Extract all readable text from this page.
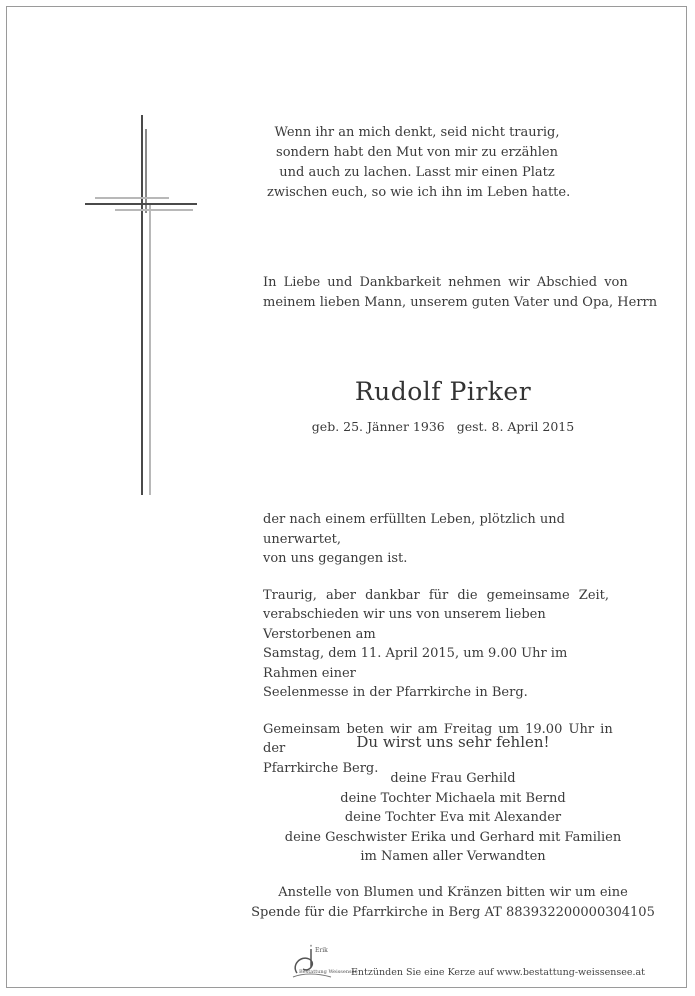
Wenn ihr an mich denkt, seid nicht traurig,
sondern habt den Mut von mir zu erzählen
und auch zu lachen. Lasst mir einen Platz
zwischen euch, so wie ich ihn im Leben hatte.
In Liebe und Dankbarkeit nehmen wir Abschied von
meinem lieben Mann, unserem guten Vater und Opa, Herrn
Rudolf Pirker
geb. 25. Jänner 1936 gest. 8. April 2015

der nach einem erfüllten Leben, plötzlich und unerwartet,
von uns gegangen ist.

Traurig, aber dankbar für die gemeinsame Zeit,
verabschieden wir uns von unserem lieben Verstorbenen am
Samstag, dem 11. April 2015, um 9.00 Uhr im Rahmen einer
Seelenmesse in der Pfarrkirche in Berg.

Gemeinsam beten wir am Freitag um 19.00 Uhr in der
Pfarrkirche Berg.

Du wirst uns sehr fehlen!
deine Frau Gerhild
deine Tochter Michaela mit Bernd
deine Tochter Eva mit Alexander
deine Geschwister Erika und Gerhard mit Familien
im Namen aller Verwandten
Anstelle von Blumen und Kränzen bitten wir um eine
Spende für die Pfarrkirche in Berg AT 883932200000304105
Erik
Bestattung Weissensee
Entzünden Sie eine Kerze auf www.bestattung-weissensee.at
